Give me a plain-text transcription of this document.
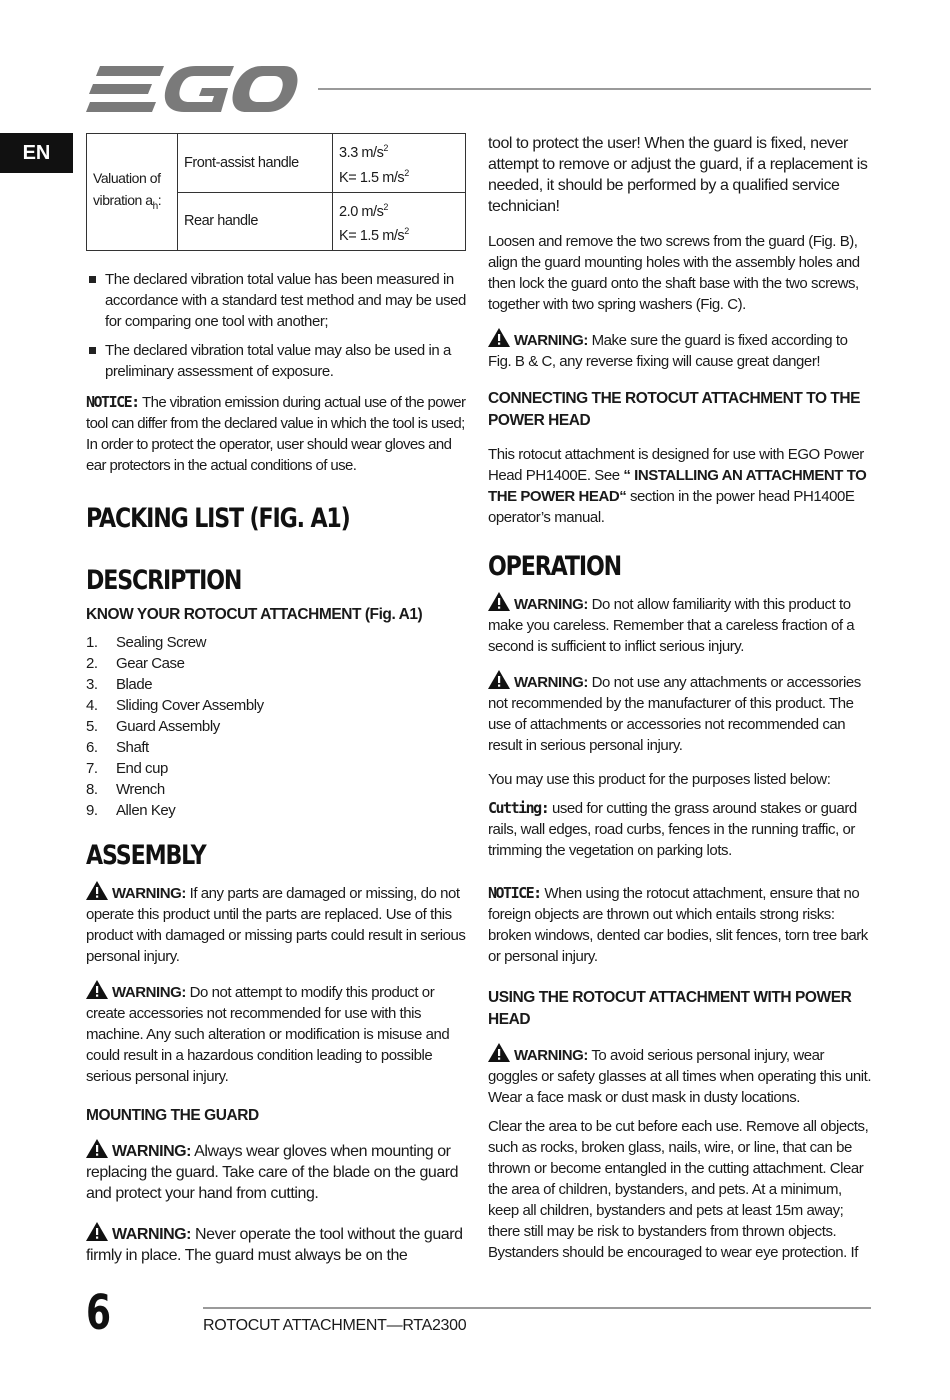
EN
Valuation of vibration $a_h$:	Front-assist handle	3.3 $m/s^2$
K= 1.5 $m/s^2$
	Rear handle	2.0 $m/s^2$
K= 1.5 $m/s^2$
The declared vibration total value has been measured in accordance with a standard test method and may be used for comparing one tool with another;
The declared vibration total value may also be used in a preliminary assessment of exposure.

NOTICE: The vibration emission during actual use of the power tool can differ from the declared value in which the tool is used; In order to protect the operator, user should wear gloves and ear protectors in the actual conditions of use.

PACKING LIST (FIG. A1)
DESCRIPTION
KNOW YOUR ROTOCUT ATTACHMENT (Fig. A1)
1.	Sealing Screw
2.	Gear Case
3.	Blade
4.	Sliding Cover Assembly
5.	Guard Assembly
6.	Shaft
7.	End cup
8.	Wrench
9.	Allen Key
ASSEMBLY

WARNING: If any parts are damaged or missing, do not operate this product until the parts are replaced. Use of this product with damaged or missing parts could result in serious personal injury.

WARNING: Do not attempt to modify this product or create accessories not recommended for use with this machine. Any such alteration or modification is misuse and could result in a hazardous condition leading to possible serious personal injury.

MOUNTING THE GUARD

WARNING: Always wear gloves when mounting or replacing the guard. Take care of the blade on the guard and protect your hand from cutting.

WARNING: Never operate the tool without the guard firmly in place. The guard must always be on the

tool to protect the user! When the guard is fixed, never attempt to remove or adjust the guard, if a replacement is needed, it should be performed by a qualified service technician!

Loosen and remove the two screws from the guard (Fig. B), align the guard mounting holes with the assembly holes and then lock the guard onto the shaft base with the two screws, together with two spring washers (Fig. C).

WARNING: Make sure the guard is fixed according to Fig. B & C, any reverse fixing will cause great danger!

CONNECTING THE ROTOCUT ATTACHMENT TO THE POWER HEAD

This rotocut attachment is designed for use with EGO Power Head PH1400E. See “ INSTALLING AN ATTACHMENT TO THE POWER HEAD“ section in the power head PH1400E operator’s manual.

OPERATION

WARNING: Do not allow familiarity with this product to make you careless. Remember that a careless fraction of a second is sufficient to inflict serious injury.

WARNING: Do not use any attachments or accessories not recommended by the manufacturer of this product. The use of attachments or accessories not recommended can result in serious personal injury.

You may use this product for the purposes listed below:

Cutting: used for cutting the grass around stakes or guard rails, wall edges, road curbs, fences in the running traffic, or trimming the vegetation on parking lots.

NOTICE: When using the rotocut attachment, ensure that no foreign objects are thrown out which entails strong risks: broken windows, dented car bodies, slit fences, torn tree bark or personal injury.

USING THE ROTOCUT ATTACHMENT WITH POWER HEAD

WARNING: To avoid serious personal injury, wear goggles or safety glasses at all times when operating this unit. Wear a face mask or dust mask in dusty locations.

Clear the area to be cut before each use. Remove all objects, such as rocks, broken glass, nails, wire, or line, that can be thrown or become entangled in the cutting attachment. Clear the area of children, bystanders, and pets. At a minimum, keep all children, bystanders and pets at least 15m away; there still may be risk to bystanders from thrown objects. Bystanders should be encouraged to wear eye protection. If

6	ROTOCUT ATTACHMENT—RTA2300
